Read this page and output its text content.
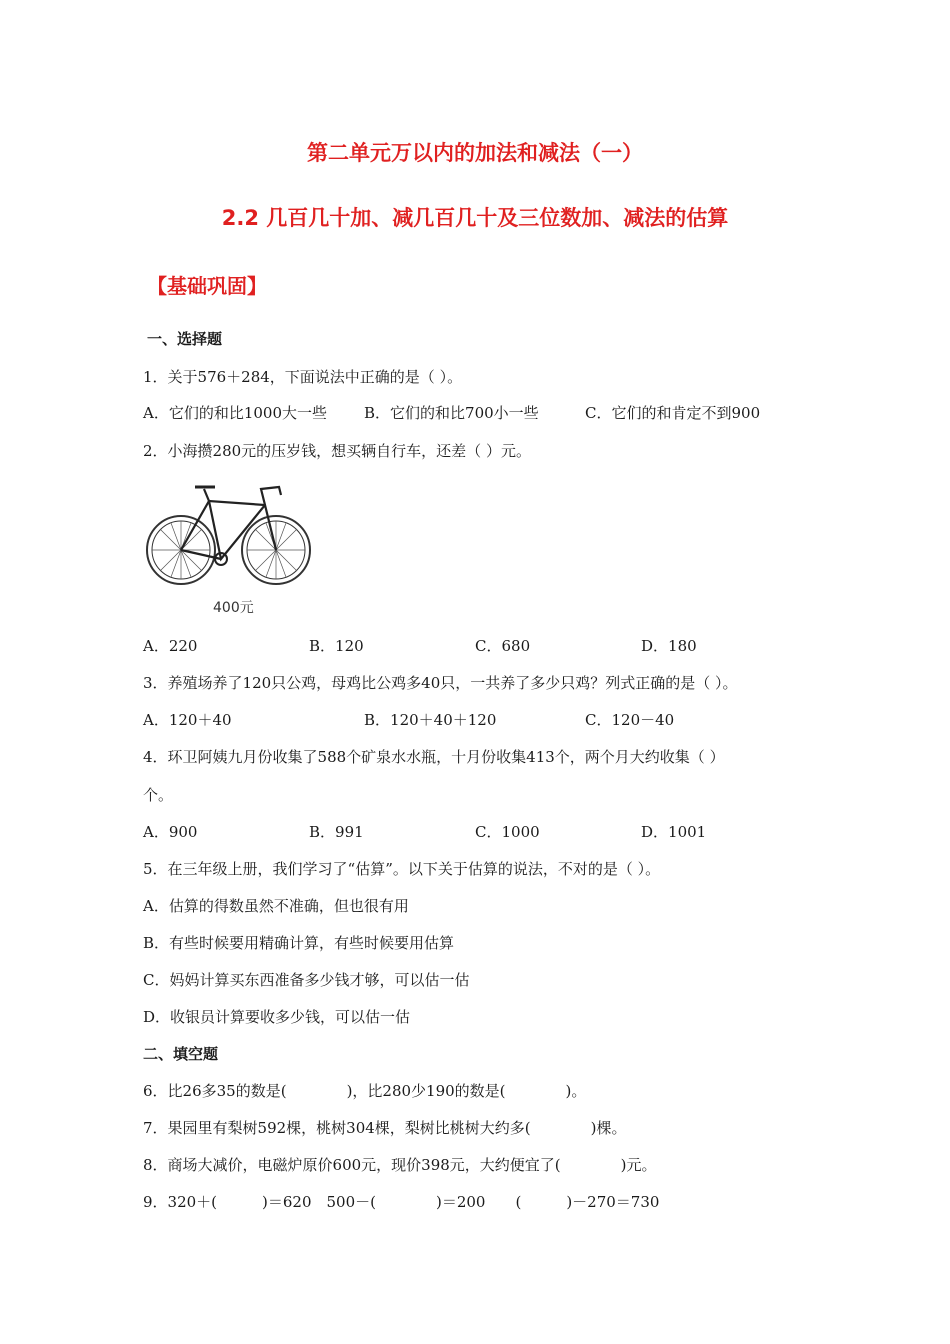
第二单元万以内的加法和减法（一）
2.2 几百几十加、减几百几十及三位数加、减法的估算
【基础巩固】
一、选择题
1．关于576＋284，下面说法中正确的是（ ）。
A．它们的和比1000大一些 B．它们的和比700小一些	C．它们的和肯定不到900
2．小海攒280元的压岁钱，想买辆自行车，还差（ ）元。
400元
A．220	B．120	C．680	D．180
3．养殖场养了120只公鸡，母鸡比公鸡多40只，一共养了多少只鸡？列式正确的是（ ）。
A．120＋40	B．120＋40＋120	C．120－40
4．环卫阿姨九月份收集了588个矿泉水水瓶，十月份收集413个，两个月大约收集（ ）
个。
A．900	B．991	C．1000	D．1001
5．在三年级上册，我们学习了“估算”。以下关于估算的说法，不对的是（ ）。
A．估算的得数虽然不准确，但也很有用
B．有些时候要用精确计算，有些时候要用估算
C．妈妈计算买东西准备多少钱才够，可以估一估
D．收银员计算要收多少钱，可以估一估
二、填空题
6．比26多35的数是(　　　　)，比280少190的数是(　　　　)。
7．果园里有梨树592棵，桃树304棵，梨树比桃树大约多(　　　　)棵。
8．商场大减价，电磁炉原价600元，现价398元，大约便宜了(　　　　)元。
9．320＋(　　　)＝620　500－(　　　　)＝200　　(　　　)－270＝730
